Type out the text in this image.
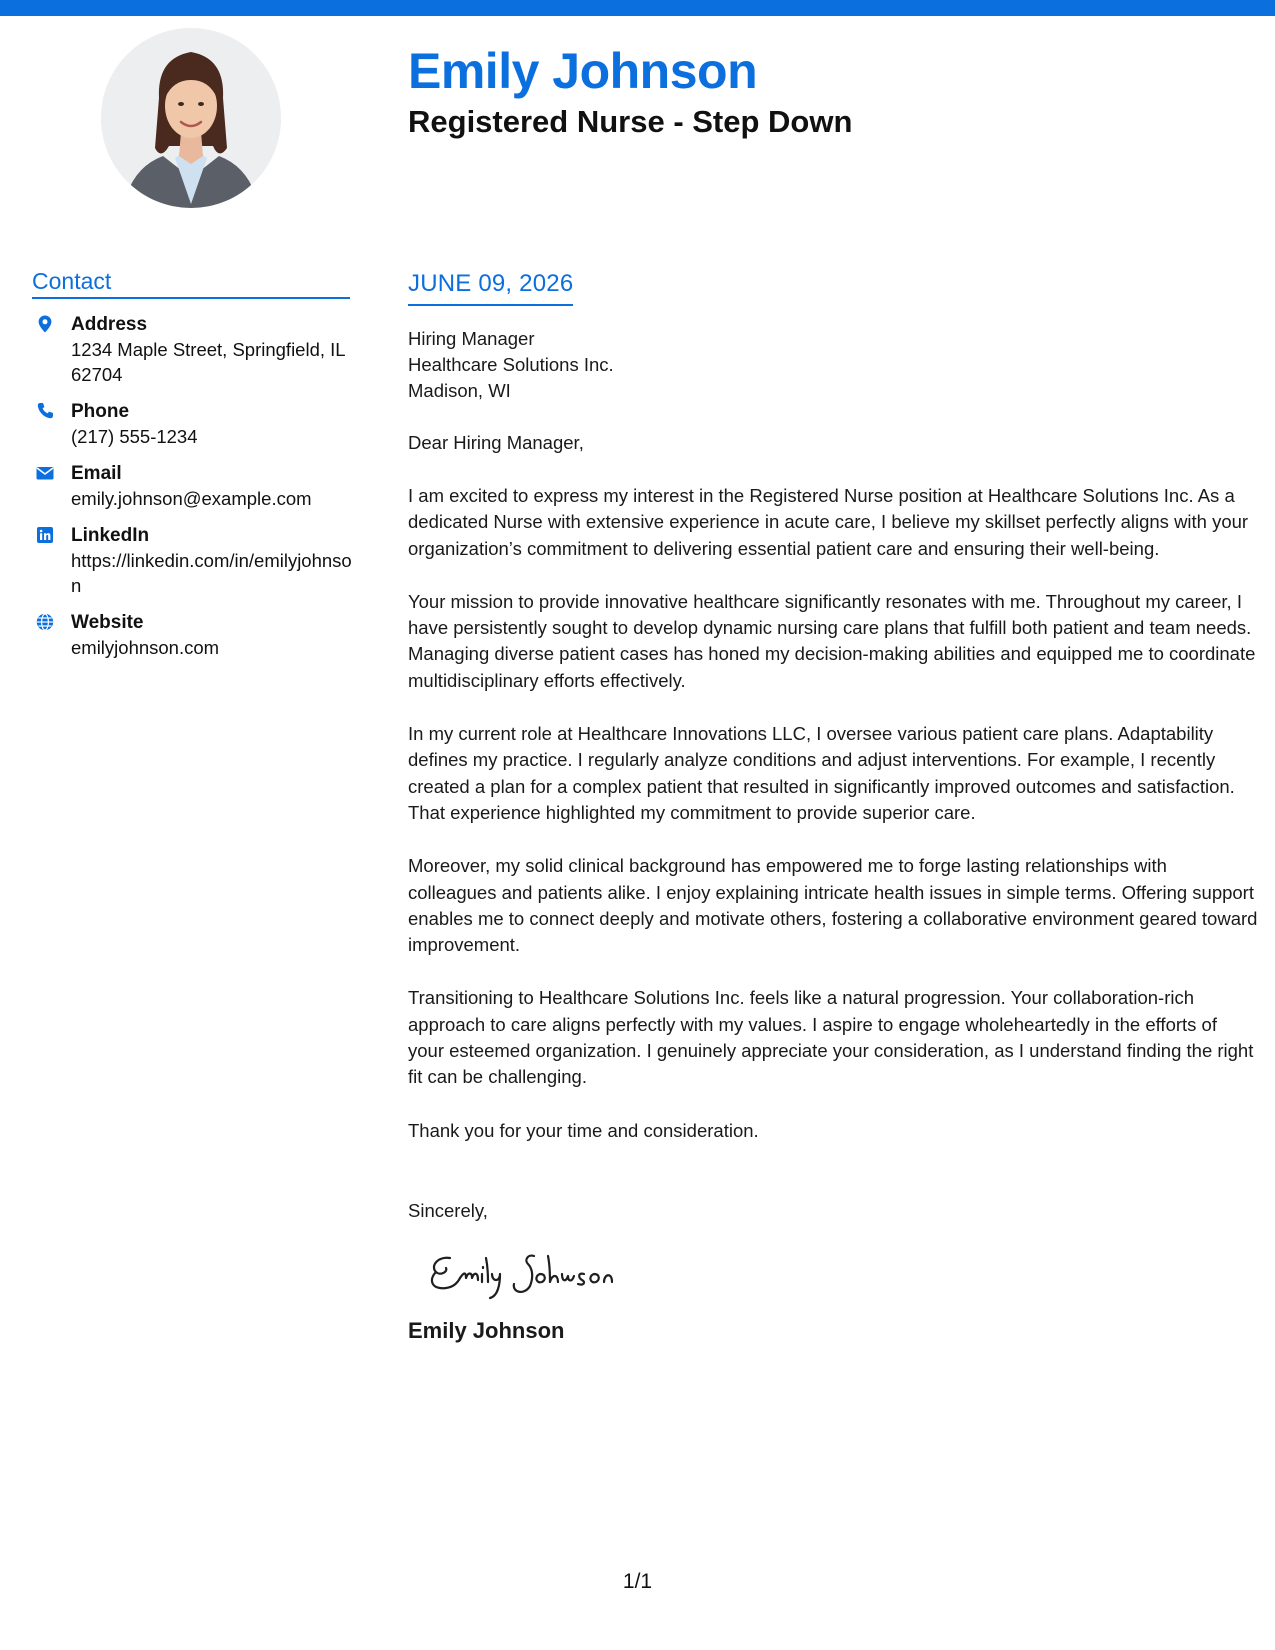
Emily Johnson
Registered Nurse - Step Down
Contact
Address
1234 Maple Street, Springfield, IL 62704
Phone
(217) 555-1234
Email
emily.johnson@example.com
LinkedIn
https://linkedin.com/in/emilyjohnson
Website
emilyjohnson.com
JUNE 09, 2026
Hiring Manager
Healthcare Solutions Inc.
Madison, WI

Dear Hiring Manager,

I am excited to express my interest in the Registered Nurse position at Healthcare Solutions Inc. As a dedicated Nurse with extensive experience in acute care, I believe my skillset perfectly aligns with your organization’s commitment to delivering essential patient care and ensuring their well-being.

Your mission to provide innovative healthcare significantly resonates with me. Throughout my career, I have persistently sought to develop dynamic nursing care plans that fulfill both patient and team needs. Managing diverse patient cases has honed my decision-making abilities and equipped me to coordinate multidisciplinary efforts effectively.

In my current role at Healthcare Innovations LLC, I oversee various patient care plans. Adaptability defines my practice. I regularly analyze conditions and adjust interventions. For example, I recently created a plan for a complex patient that resulted in significantly improved outcomes and satisfaction. That experience highlighted my commitment to provide superior care.

Moreover, my solid clinical background has empowered me to forge lasting relationships with colleagues and patients alike. I enjoy explaining intricate health issues in simple terms. Offering support enables me to connect deeply and motivate others, fostering a collaborative environment geared toward improvement.

Transitioning to Healthcare Solutions Inc. feels like a natural progression. Your collaboration-rich approach to care aligns perfectly with my values. I aspire to engage wholeheartedly in the efforts of your esteemed organization. I genuinely appreciate your consideration, as I understand finding the right fit can be challenging.

Thank you for your time and consideration.

Sincerely,

Emily Johnson
1/1
